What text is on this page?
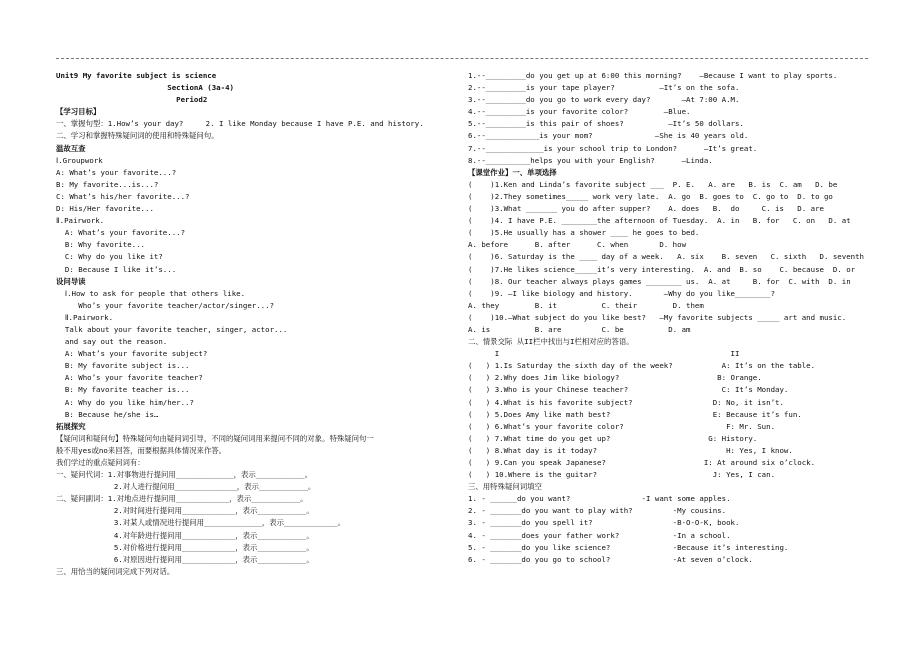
Unit9 My favorite subject is science
SectionA (3a-4)
Period2
【学习目标】
一、掌握句型：1.How’s your day?     2. I like Monday because I have P.E. and history.
二、学习和掌握特殊疑问词的使用和特殊疑问句。
温故互查
Ⅰ.Groupwork
A: What’s your favorite...?
B: My favorite...is...?
C: What’s his/her favorite...?
D: His/Her favorite...
Ⅱ.Pairwork.
A: What’s your favorite...?
B: Why favorite...
C: Why do you like it?
D: Because I like it’s...
设问导读
Ⅰ.How to ask for people that others like.
Who’s your favorite teacher/actor/singer...?
Ⅱ.Pairwork.
Talk about your favorite teacher, singer, actor...
and say out the reason.
A: What’s your favorite subject?
B: My favorite subject is...
A: Who’s your favorite teacher?
B: My favorite teacher is...
A: Why do you like him/her..?
B: Because he/she is…
拓展探究
【疑问词和疑问句】特殊疑问句由疑问词引导，不同的疑问词用来提问不同的对象。特殊疑问句一
般不用yes或no来回答，而要根据具体情况来作答。
我们学过的重点疑问词有：
一、疑问代词：1.对事物进行提问用_____________，表示___________。
2.对人进行提问用______________，表示___________。
二、疑问副词：1.对地点进行提问用____________，表示___________。
2.对时间进行提问用____________，表示___________。
3.对某人或情况进行提问用_____________，表示____________。
4.对年龄进行提问用____________，表示___________。
5.对价格进行提问用____________，表示___________。
6.对原因进行提问用____________，表示___________。
三、用恰当的疑问词完成下列对话。
1.--_________do you get up at 6:00 this morning?    —Because I want to play sports.
2.--_________is your tape player?          —It’s on the sofa.
3.--_________do you go to work every day?       —At 7:00 A.M.
4.--_________is your favorite color?        —Blue.
5.--_________is this pair of shoes?          —It’s 50 dollars.
6.--____________is your mom?              —She is 40 years old.
7.--_____________is your school trip to London?      —It’s great.
8.--__________helps you with your English?      —Linda.
【课堂作业】一、单项选择
(    )1.Ken and Linda’s favorite subject ___  P. E.   A. are   B. is  C. am   D. be
(    )2.They sometimes_____ work very late.  A. go  B. goes to  C. go to  D. to go
(    )3.What _______ you do after supper?    A. does   B.  do     C. is   D. are
(    )4. I have P.E. ________the afternoon of Tuesday.  A. in   B. for   C. on   D. at
(    )5.He usually has a shower ____ he goes to bed.
A. before      B. after      C. when       D. how
(    )6. Saturday is the ____ day of a week.   A. six    B. seven   C. sixth   D. seventh
(    )7.He likes science_____it’s very interesting.  A. and  B. so    C. because  D. or
(    )8. Our teacher always plays games ________ us.  A. at     B. for  C. with  D. in
(    )9. —I like biology and history.       —Why do you like________?
A. they        B. it          C. their        D. them
(    )10.—What subject do you like best?   —My favorite subjects _____ art and music.
A. is          B. are         C. be          D. am
二、情景交际 从II栏中找出与I栏相对应的答语。
I                                                    II
(   ) 1.Is Saturday the sixth day of the week?           A: It’s on the table.
(   ) 2.Why does Jim like biology?                      B: Orange.
(   ) 3.Who is your Chinese teacher?                     C: It’s Monday.
(   ) 4.What is his favorite subject?                  D: No, it isn’t.
(   ) 5.Does Amy like math best?                       E: Because it’s fun.
(   ) 6.What’s your favorite color?                       F: Mr. Sun.
(   ) 7.What time do you get up?                      G: History.
(   ) 8.What day is it today?                             H: Yes, I know.
(   ) 9.Can you speak Japanese?                      I: At around six o’clock.
(   ) 10.Where is the guitar?                          J: Yes, I can.
三、用特殊疑问词填空
1. - ______do you want?                -I want some apples.
2. - _______do you want to play with?         -My cousins.
3. - _______do you spell it?                  -B-O-O-K, book.
4. - _______does your father work?            -In a school.
5. - _______do you like science?              -Because it’s interesting.
6. - _______do you go to school?              -At seven o’clock.
